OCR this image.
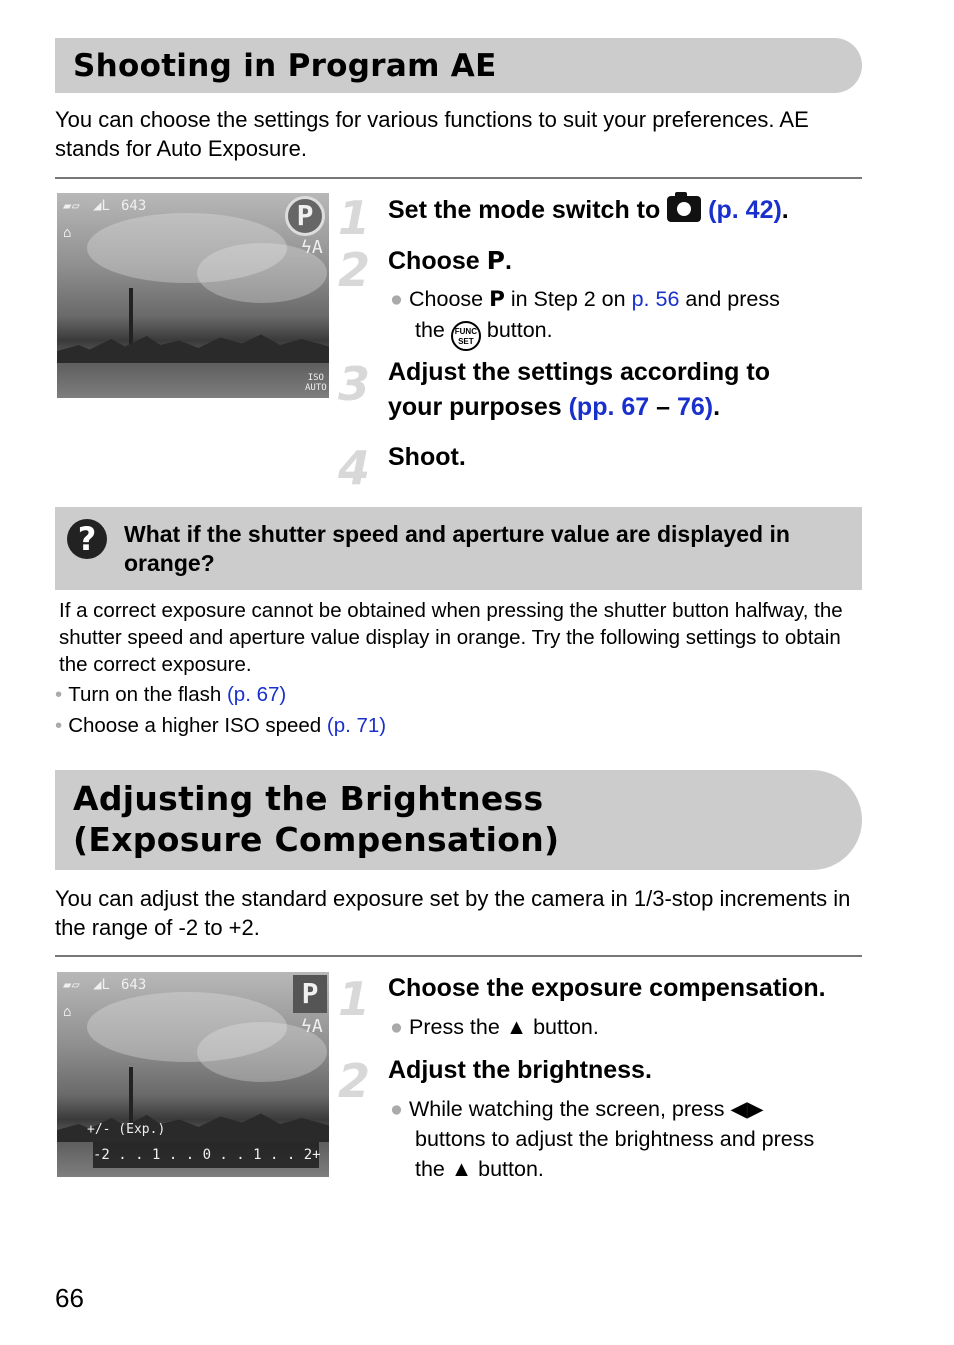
Shooting in Program AE
You can choose the settings for various functions to suit your preferences. AE stands for Auto Exposure.
▰▱ ◢L 643
⌂
P
ϟA
ISO
AUTO
1 Set the mode switch to (p. 42).
2 Choose P.
● Choose P in Step 2 on p. 56 and press
the FUNC
SET button.
3 Adjust the settings according to
your purposes (pp. 67 – 76).
4 Shoot.
?	What if the shutter speed and aperture value are displayed in orange?
If a correct exposure cannot be obtained when pressing the shutter button halfway, the shutter speed and aperture value display in orange. Try the following settings to obtain the correct exposure.
• Turn on the flash (p. 67)
• Choose a higher ISO speed (p. 71)
Adjusting the Brightness
(Exposure Compensation)
You can adjust the standard exposure set by the camera in 1/3-stop increments in the range of -2 to +2.
▰▱ ◢L 643
⌂
P
ϟA
+/- (Exp.)
-2 . . 1 . . 0 . . 1 . . 2+
1 Choose the exposure compensation.
● Press the ▲ button.
2 Adjust the brightness.
● While watching the screen, press ◀▶
buttons to adjust the brightness and press
the ▲ button.
66
